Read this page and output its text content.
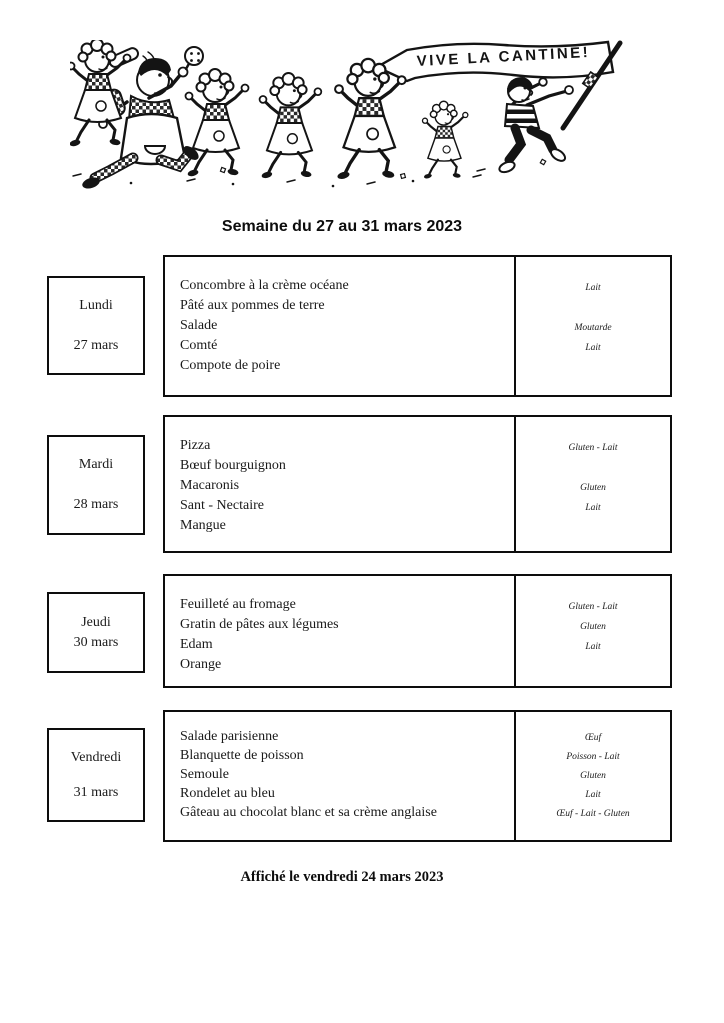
VIVE LA CANTINE!
Semaine du 27 au 31 mars 2023
Lundi
27 mars
Concombre à la crème océane
Pâté aux pommes de terre
Salade
Comté
Compote de poire
Lait
Moutarde
Lait
Mardi
28 mars
Pizza
Bœuf bourguignon
Macaronis
Sant - Nectaire
Mangue
Gluten - Lait
Gluten
Lait
Jeudi
30 mars
Feuilleté au fromage
Gratin de pâtes aux légumes
Edam
Orange
Gluten - Lait
Gluten
Lait
Vendredi
31 mars
Salade parisienne
Blanquette de poisson
Semoule
Rondelet au bleu
Gâteau au chocolat blanc et sa crème anglaise
Œuf
Poisson - Lait
Gluten
Lait
Œuf - Lait - Gluten
Affiché le vendredi 24 mars 2023
